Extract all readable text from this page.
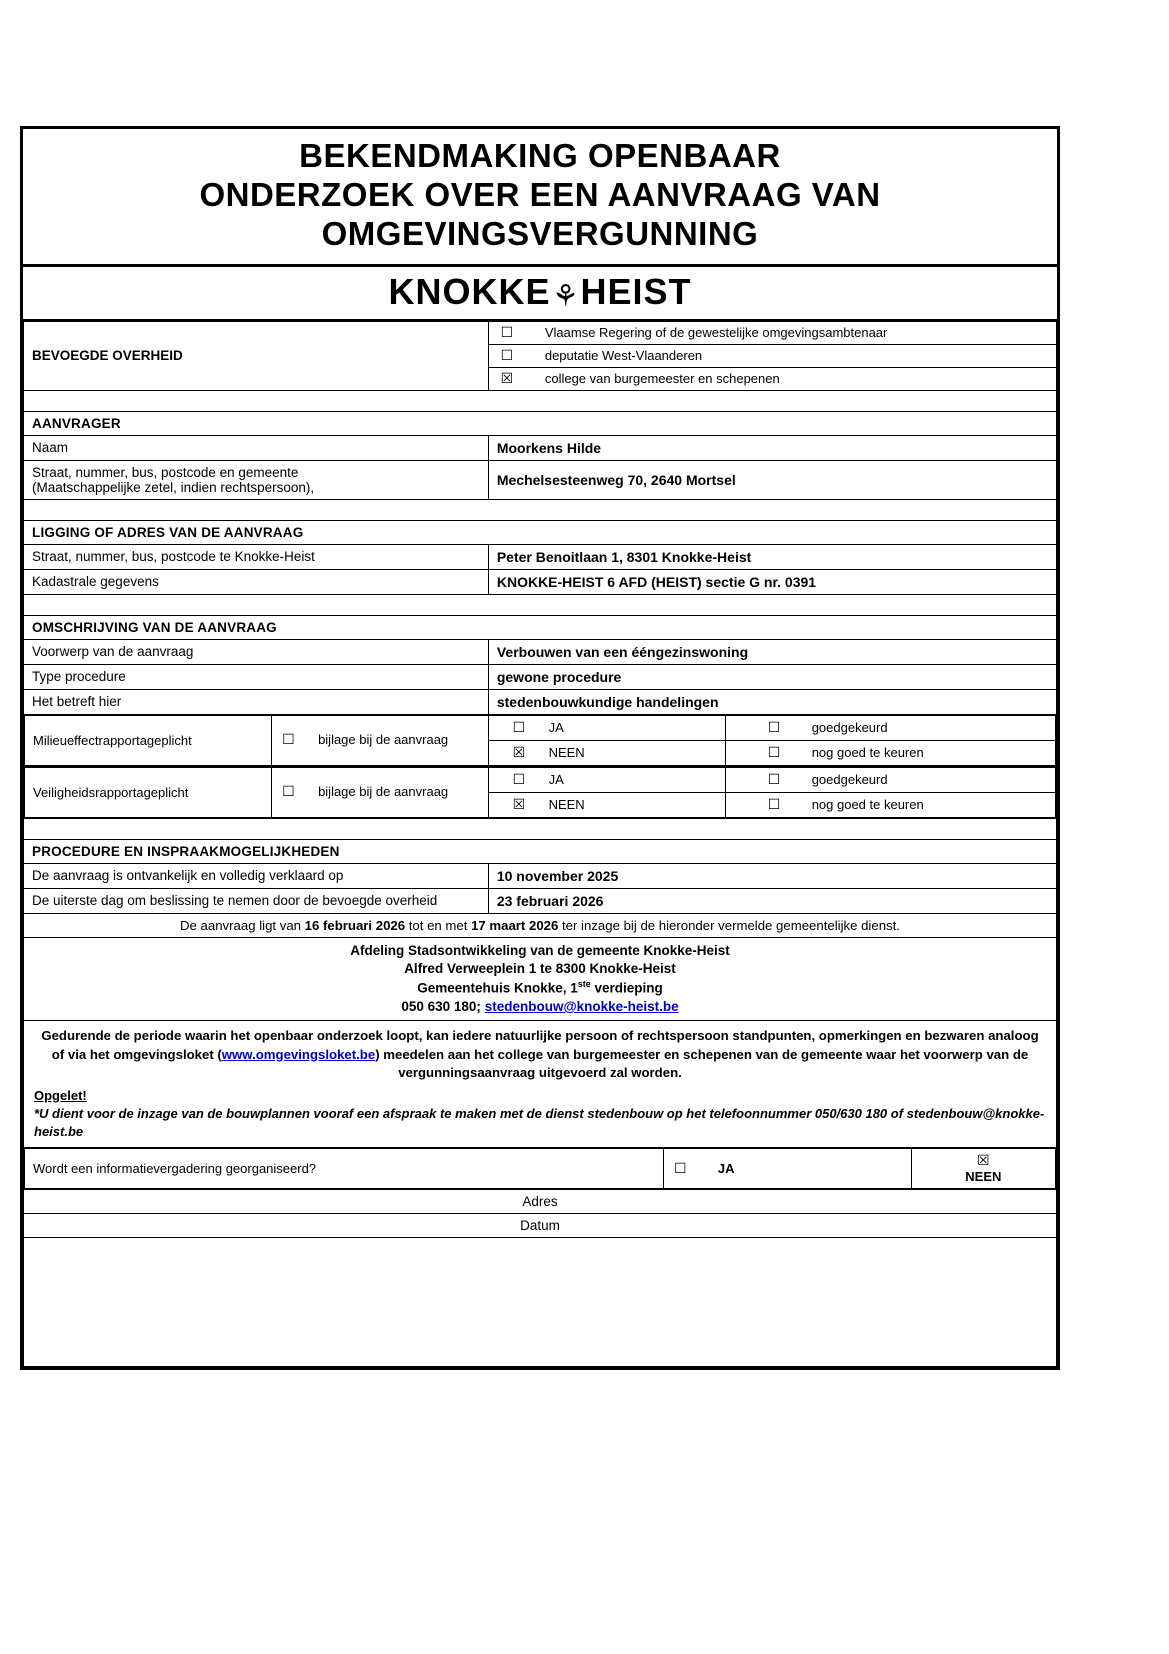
BEKENDMAKING OPENBAAR
ONDERZOEK OVER EEN AANVRAAG VAN
OMGEVINGSVERGUNNING
KNOKKE⚘HEIST
BEVOEGDE OVERHEID	
☐ Vlaamse Regering of de gewestelijke omgevingsambtenaar
☐ deputatie West-Vlaanderen
☒ college van burgemeester en schepenen

AANVRAGER
Naam	Moorkens Hilde

Straat, nummer, bus, postcode en gemeente
(Maatschappelijke zetel, indien rechtspersoon),	Mechelsesteenweg 70, 2640 Mortsel

LIGGING OF ADRES VAN DE AANVRAAG
Straat, nummer, bus, postcode te Knokke-Heist	Peter Benoitlaan 1, 8301 Knokke-Heist
Kadastrale gegevens	KNOKKE-HEIST 6 AFD (HEIST) sectie G nr. 0391

OMSCHRIJVING VAN DE AANVRAAG
Voorwerp van de aanvraag	Verbouwen van een ééngezinswoning
Type procedure	gewone procedure
Het betreft hier	stedenbouwkundige handelingen

Milieueffectrapportageplicht	☐ bijlage bij de aanvraag	☐ JA	☐ goedgekeurd
☒ NEEN	☐ nog goed te keuren

Veiligheidsrapportageplicht	☐ bijlage bij de aanvraag	☐ JA	☐ goedgekeurd
☒ NEEN	☐ nog goed te keuren

PROCEDURE EN INSPRAAKMOGELIJKHEDEN
De aanvraag is ontvankelijk en volledig verklaard op	10 november 2025
De uiterste dag om beslissing te nemen door de bevoegde overheid	23 februari 2026
De aanvraag ligt van 16 februari 2026 tot en met 17 maart 2026 ter inzage bij de hieronder vermelde gemeentelijke dienst.

Afdeling Stadsontwikkeling van de gemeente Knokke-Heist
Alfred Verweeplein 1 te 8300 Knokke-Heist
Gemeentehuis Knokke, 1ste verdieping
050 630 180; stedenbouw@knokke-heist.be

Gedurende de periode waarin het openbaar onderzoek loopt, kan iedere natuurlijke persoon of rechtspersoon standpunten, opmerkingen en bezwaren analoog of via het omgevingsloket (www.omgevingsloket.be) meedelen aan het college van burgemeester en schepenen van de gemeente waar het voorwerp van de vergunningsaanvraag uitgevoerd zal worden.
Opgelet!
*U dient voor de inzage van de bouwplannen vooraf een afspraak te maken met de dienst stedenbouw op het telefoonnummer 050/630 180 of stedenbouw@knokke-heist.be

Wordt een informatievergadering georganiseerd?	☐ JA	☒
NEEN

Adres
Datum
